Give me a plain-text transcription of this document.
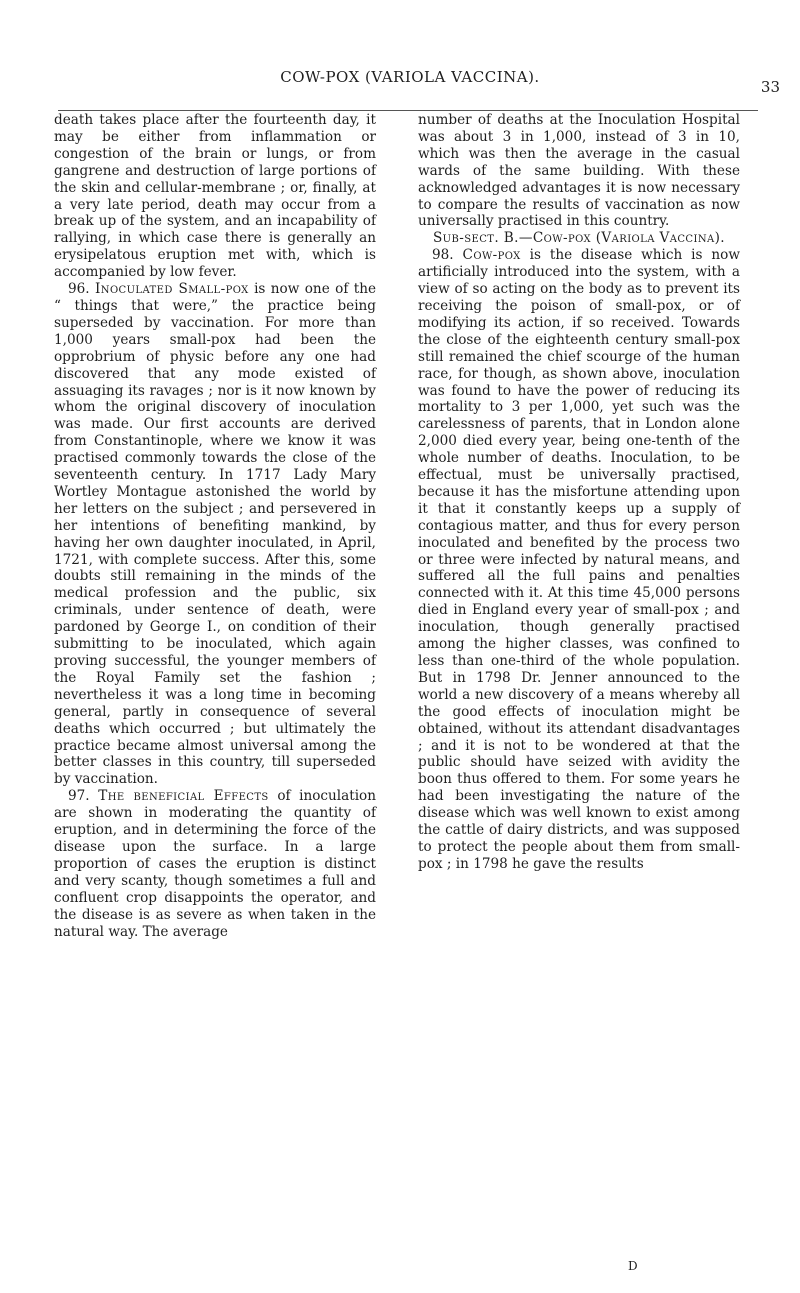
COW-POX (VARIOLA VACCINA).
33

death takes place after the fourteenth day, it may be either from inflammation or congestion of the brain or lungs, or from gangrene and destruction of large portions of the skin and cellular-membrane ; or, finally, at a very late period, death may occur from a break up of the system, and an incapability of rallying, in which case there is generally an erysipelatous eruption met with, which is accompanied by low fever.

96. Inoculated Small-pox is now one of the “ things that were,” the practice being superseded by vaccination. For more than 1,000 years small-pox had been the opprobrium of physic before any one had discovered that any mode existed of assuaging its ravages ; nor is it now known by whom the original discovery of inoculation was made. Our first accounts are derived from Constantinople, where we know it was practised commonly towards the close of the seventeenth century. In 1717 Lady Mary Wortley Montague astonished the world by her letters on the subject ; and persevered in her intentions of benefiting mankind, by having her own daughter inoculated, in April, 1721, with complete success. After this, some doubts still remaining in the minds of the medical profession and the public, six criminals, under sentence of death, were pardoned by George I., on condition of their submitting to be inoculated, which again proving successful, the younger members of the Royal Family set the fashion ; nevertheless it was a long time in becoming general, partly in consequence of several deaths which occurred ; but ultimately the practice became almost universal among the better classes in this country, till superseded by vaccination.

97. The beneficial Effects of inoculation are shown in moderating the quantity of eruption, and in determining the force of the disease upon the surface. In a large proportion of cases the eruption is distinct and very scanty, though sometimes a full and confluent crop disappoints the operator, and the disease is as severe as when taken in the natural way. The average

number of deaths at the Inoculation Hospital was about 3 in 1,000, instead of 3 in 10, which was then the average in the casual wards of the same building. With these acknowledged advantages it is now necessary to compare the results of vaccination as now universally practised in this country.

Sub-sect. B.—Cow-pox (Variola Vaccina).

98. Cow-pox is the disease which is now artificially introduced into the system, with a view of so acting on the body as to prevent its receiving the poison of small-pox, or of modifying its action, if so received. Towards the close of the eighteenth century small-pox still remained the chief scourge of the human race, for though, as shown above, inoculation was found to have the power of reducing its mortality to 3 per 1,000, yet such was the carelessness of parents, that in London alone 2,000 died every year, being one-tenth of the whole number of deaths. Inoculation, to be effectual, must be universally practised, because it has the misfortune attending upon it that it constantly keeps up a supply of contagious matter, and thus for every person inoculated and benefited by the process two or three were infected by natural means, and suffered all the full pains and penalties connected with it. At this time 45,000 persons died in England every year of small-pox ; and inoculation, though generally practised among the higher classes, was confined to less than one-third of the whole population. But in 1798 Dr. Jenner announced to the world a new discovery of a means whereby all the good effects of inoculation might be obtained, without its attendant disadvantages ; and it is not to be wondered at that the public should have seized with avidity the boon thus offered to them. For some years he had been investigating the nature of the disease which was well known to exist among the cattle of dairy districts, and was supposed to protect the people about them from small-pox ; in 1798 he gave the results

D
